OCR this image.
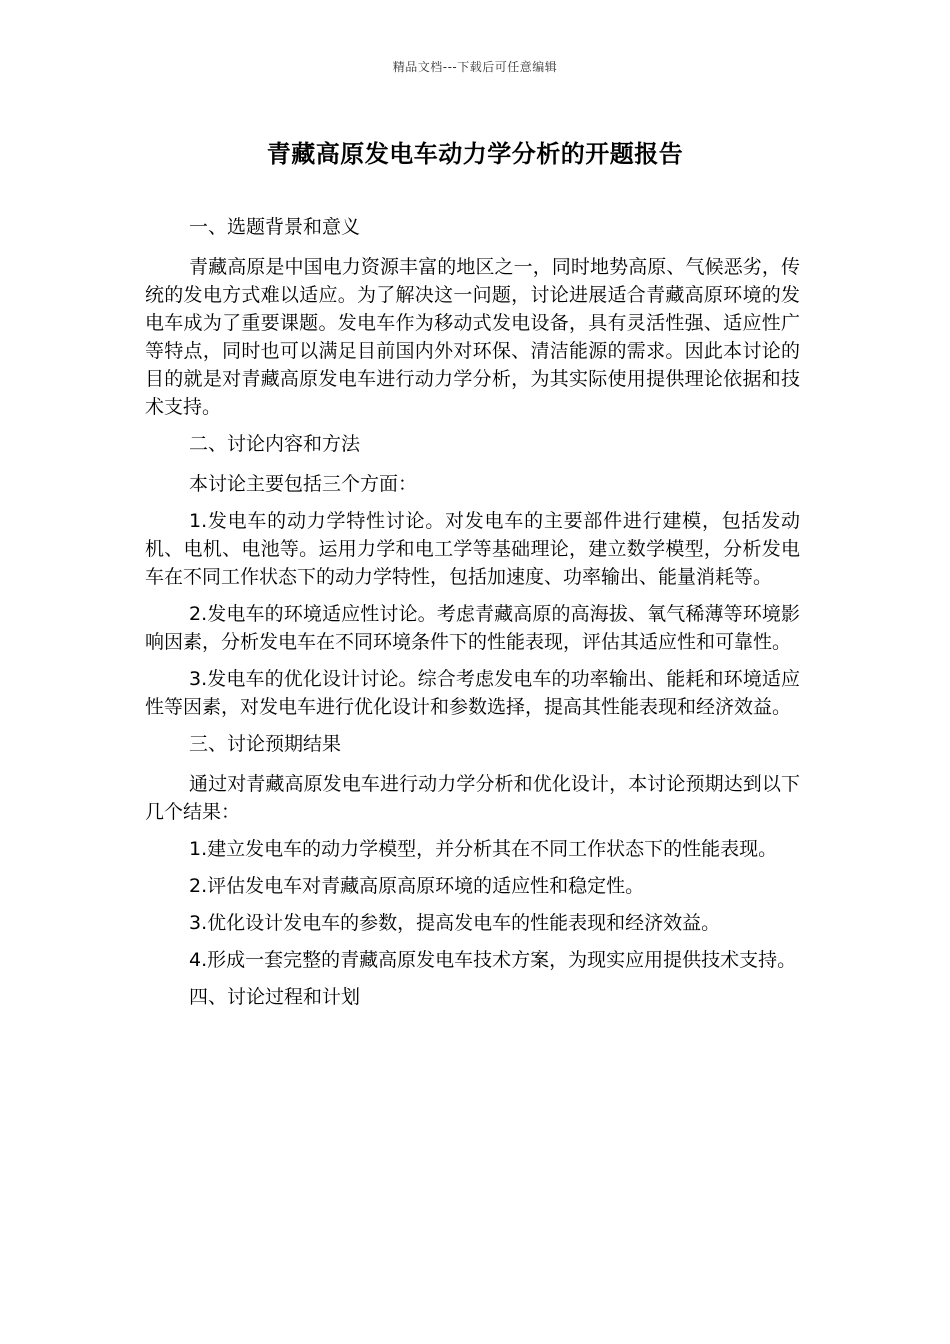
精品文档---下载后可任意编辑
青藏高原发电车动力学分析的开题报告

一、选题背景和意义

青藏高原是中国电力资源丰富的地区之一，同时地势高原、气候恶劣，传统的发电方式难以适应。为了解决这一问题，讨论进展适合青藏高原环境的发电车成为了重要课题。发电车作为移动式发电设备，具有灵活性强、适应性广等特点，同时也可以满足目前国内外对环保、清洁能源的需求。因此本讨论的目的就是对青藏高原发电车进行动力学分析，为其实际使用提供理论依据和技术支持。

二、讨论内容和方法

本讨论主要包括三个方面：

1.发电车的动力学特性讨论。对发电车的主要部件进行建模，包括发动机、电机、电池等。运用力学和电工学等基础理论，建立数学模型，分析发电车在不同工作状态下的动力学特性，包括加速度、功率输出、能量消耗等。

2.发电车的环境适应性讨论。考虑青藏高原的高海拔、氧气稀薄等环境影响因素，分析发电车在不同环境条件下的性能表现，评估其适应性和可靠性。

3.发电车的优化设计讨论。综合考虑发电车的功率输出、能耗和环境适应性等因素，对发电车进行优化设计和参数选择，提高其性能表现和经济效益。

三、讨论预期结果

通过对青藏高原发电车进行动力学分析和优化设计，本讨论预期达到以下几个结果：

1.建立发电车的动力学模型，并分析其在不同工作状态下的性能表现。

2.评估发电车对青藏高原高原环境的适应性和稳定性。

3.优化设计发电车的参数，提高发电车的性能表现和经济效益。

4.形成一套完整的青藏高原发电车技术方案，为现实应用提供技术支持。

四、讨论过程和计划
